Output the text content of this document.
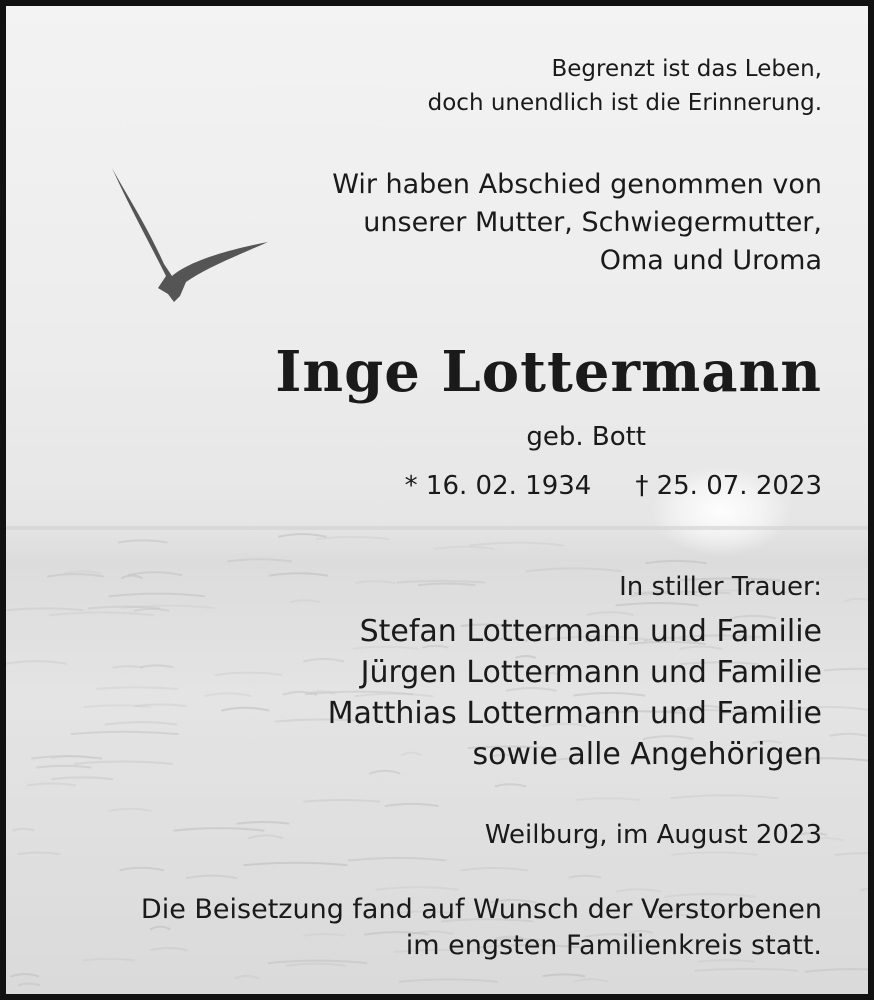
Begrenzt ist das Leben,
doch unendlich ist die Erinnerung.
Wir haben Abschied genommen von
unserer Mutter, Schwiegermutter,
Oma und Uroma
Inge Lottermann
geb. Bott
* 16. 02. 1934 † 25. 07. 2023
In stiller Trauer:
Stefan Lottermann und Familie
Jürgen Lottermann und Familie
Matthias Lottermann und Familie
sowie alle Angehörigen
Weilburg, im August 2023
Die Beisetzung fand auf Wunsch der Verstorbenen
im engsten Familienkreis statt.
